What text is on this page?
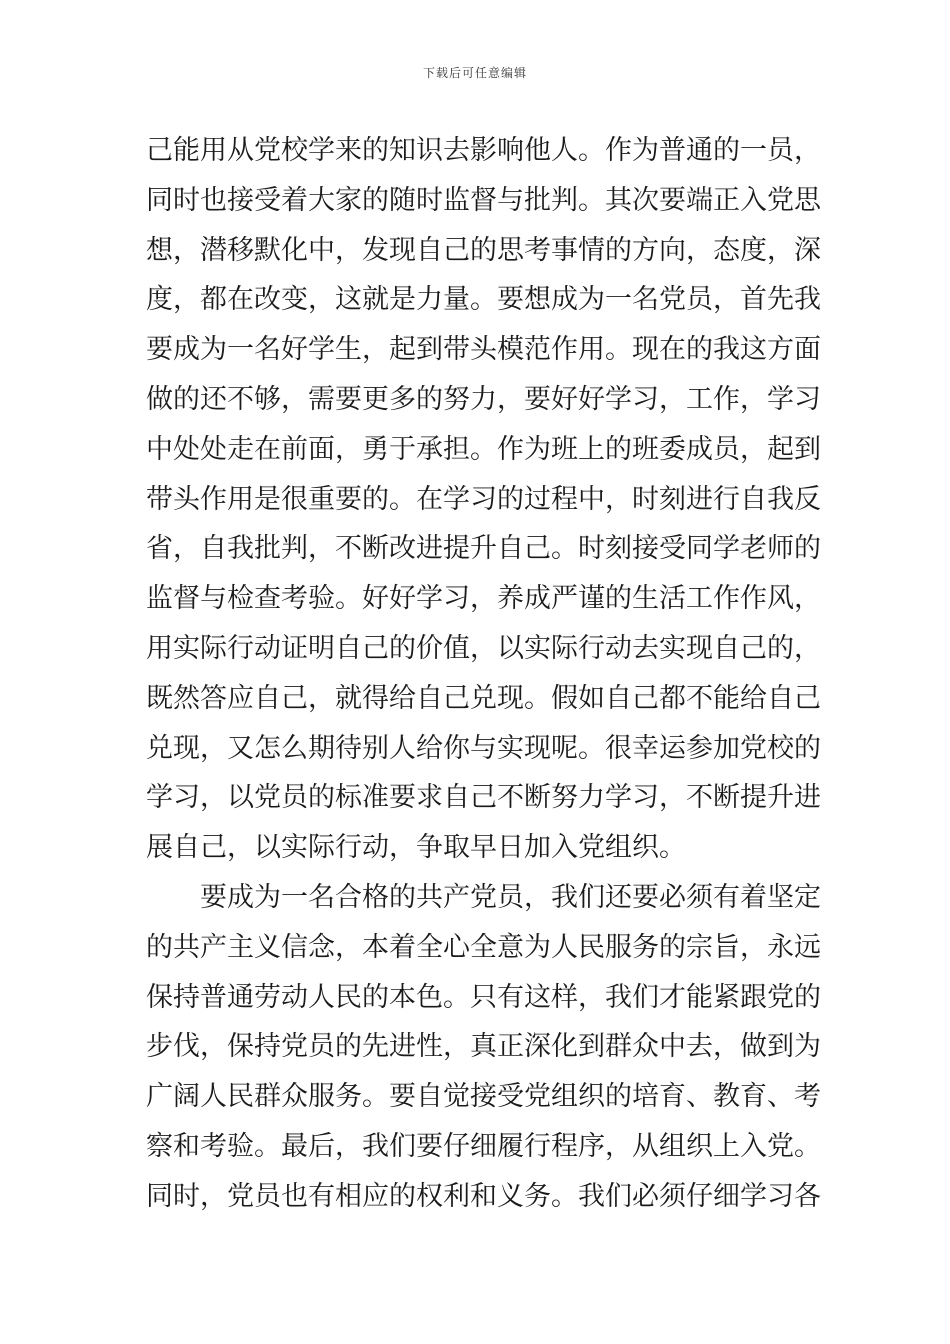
下载后可任意编辑
己能用从党校学来的知识去影响他人。作为普通的一员，
同时也接受着大家的随时监督与批判。其次要端正入党思
想，潜移默化中，发现自己的思考事情的方向，态度，深
度，都在改变，这就是力量。要想成为一名党员，首先我
要成为一名好学生，起到带头模范作用。现在的我这方面
做的还不够，需要更多的努力，要好好学习，工作，学习
中处处走在前面，勇于承担。作为班上的班委成员，起到
带头作用是很重要的。在学习的过程中，时刻进行自我反
省，自我批判，不断改进提升自己。时刻接受同学老师的
监督与检查考验。好好学习，养成严谨的生活工作作风，
用实际行动证明自己的价值，以实际行动去实现自己的，
既然答应自己，就得给自己兑现。假如自己都不能给自己
兑现，又怎么期待别人给你与实现呢。很幸运参加党校的
学习，以党员的标准要求自己不断努力学习，不断提升进
展自己，以实际行动，争取早日加入党组织。
要成为一名合格的共产党员，我们还要必须有着坚定
的共产主义信念，本着全心全意为人民服务的宗旨，永远
保持普通劳动人民的本色。只有这样，我们才能紧跟党的
步伐，保持党员的先进性，真正深化到群众中去，做到为
广阔人民群众服务。要自觉接受党组织的培育、教育、考
察和考验。最后，我们要仔细履行程序，从组织上入党。
同时，党员也有相应的权利和义务。我们必须仔细学习各
